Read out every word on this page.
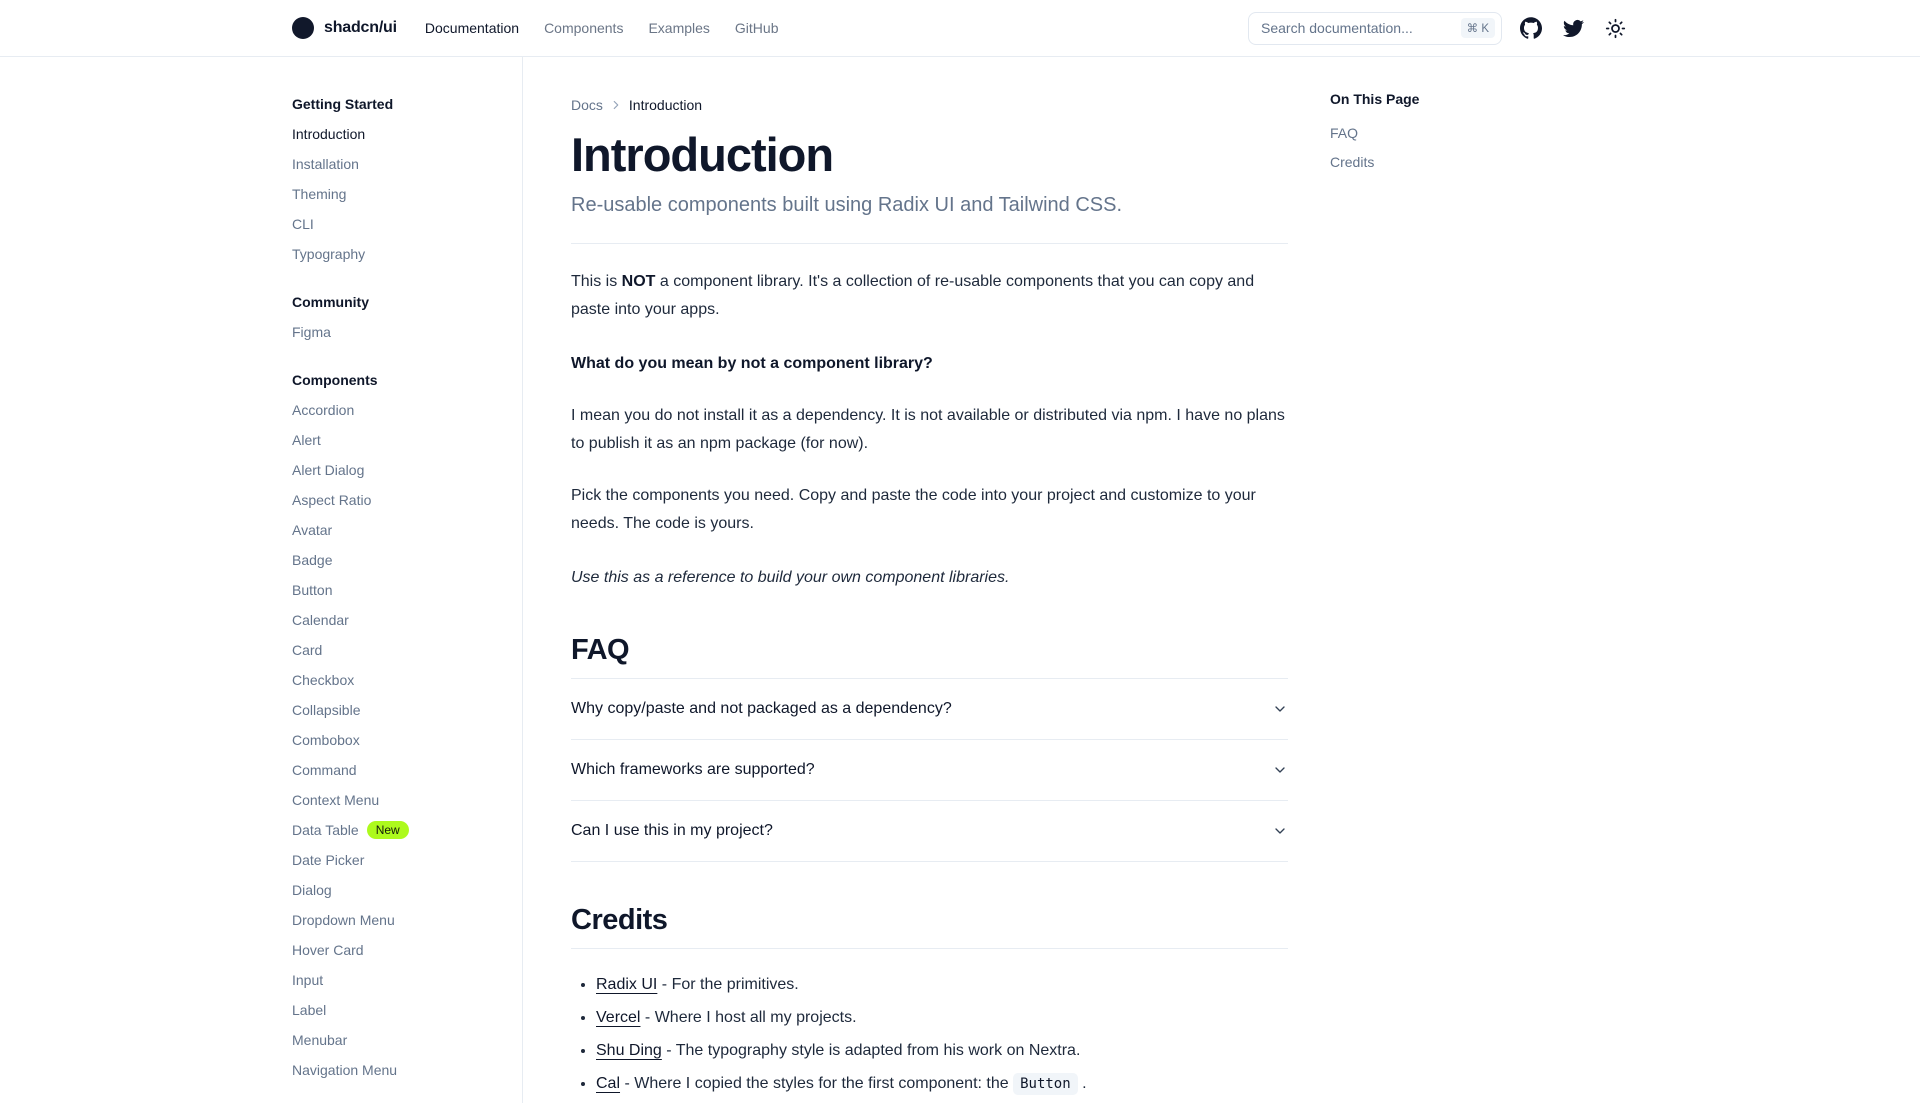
shadcn/ui Documentation Components Examples GitHub
Search documentation...	⌘ K
Getting Started
Introduction
Installation
Theming
CLI
Typography
Community
Figma
Components
Accordion
Alert
Alert Dialog
Aspect Ratio
Avatar
Badge
Button
Calendar
Card
Checkbox
Collapsible
Combobox
Command
Context Menu
Data Table	New
Date Picker
Dialog
Dropdown Menu
Hover Card
Input
Label
Menubar
Navigation Menu
Docs Introduction
Introduction

Re-usable components built using Radix UI and Tailwind CSS.

This is NOT a component library. It's a collection of re-usable components that you can copy and paste into your apps.

What do you mean by not a component library?

I mean you do not install it as a dependency. It is not available or distributed via npm. I have no plans to publish it as an npm package (for now).

Pick the components you need. Copy and paste the code into your project and customize to your needs. The code is yours.

Use this as a reference to build your own component libraries.

FAQ
Why copy/paste and not packaged as a dependency?
Which frameworks are supported?
Can I use this in my project?
Credits
• Radix UI - For the primitives.
• Vercel - Where I host all my projects.
• Shu Ding - The typography style is adapted from his work on Nextra.
• Cal - Where I copied the styles for the first component: the Button .
On This Page
FAQ
Credits
